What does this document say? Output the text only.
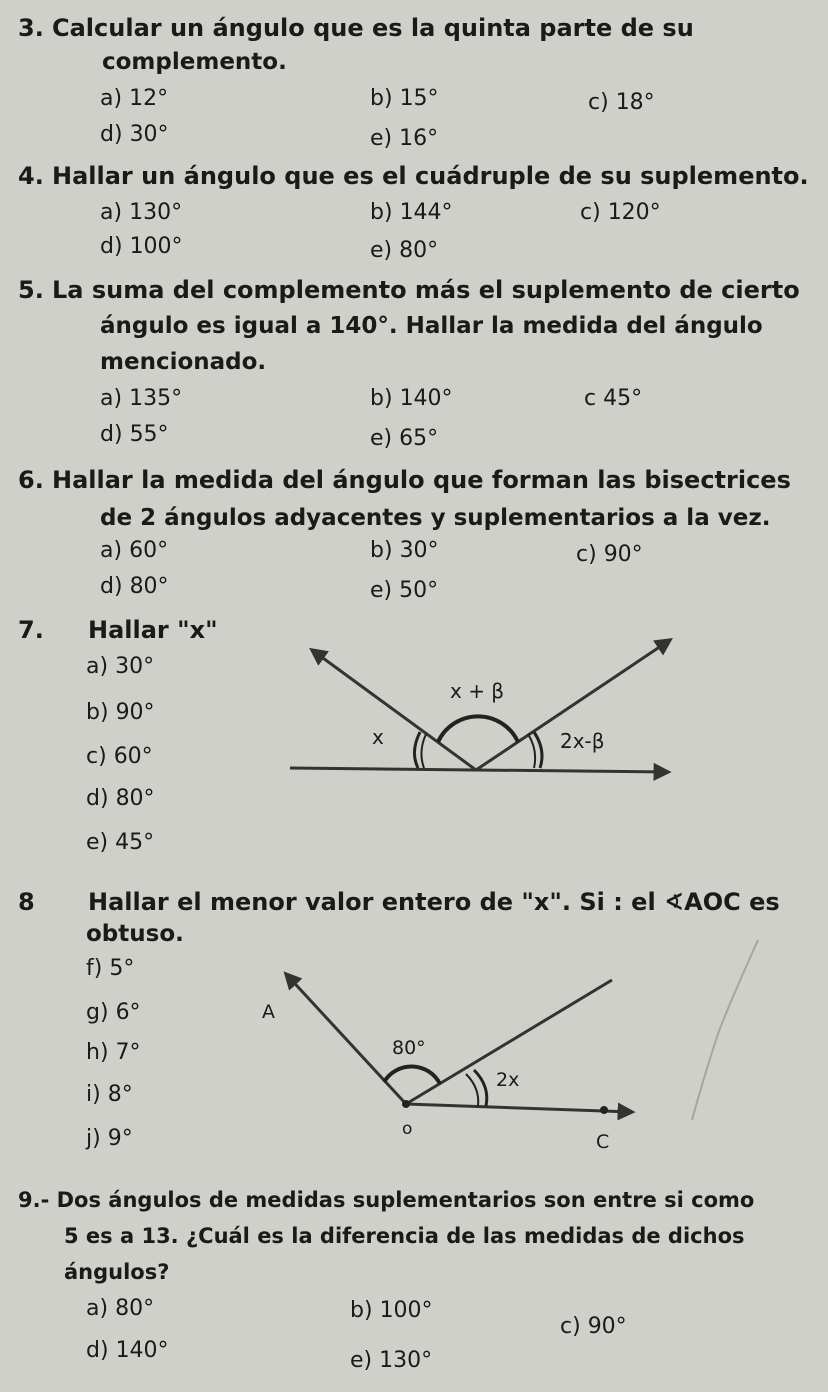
3. Calcular un ángulo que es la quinta parte de su
complemento.
a) 12°	b) 15°	c) 18°
d) 30°	e) 16°
4. Hallar un ángulo que es el cuádruple de su suplemento.
a) 130°	b) 144°	c) 120°
d) 100°	e) 80°
5. La suma del complemento más el suplemento de cierto
ángulo es igual a 140°. Hallar la medida del ángulo
mencionado.
a) 135°	b) 140°	c 45°
d) 55°	e) 65°
6. Hallar la medida del ángulo que forman las bisectrices
de 2 ángulos adyacentes y suplementarios a la vez.
a) 60°	b) 30°	c) 90°
d) 80°	e) 50°
7. Hallar "x"
a) 30°
b) 90°
c) 60°
d) 80°
e) 45°
x + β
x	2x-β
A
80°
2x
o
C
8 Hallar el menor valor entero de "x". Si : el ∢AOC es
obtuso.
f) 5°
g) 6°
h) 7°
i) 8°
j) 9°
9.- Dos ángulos de medidas suplementarios son entre si como
5 es a 13. ¿Cuál es la diferencia de las medidas de dichos
ángulos?
a) 80°	b) 100°
c) 90°
d) 140°	e) 130°
